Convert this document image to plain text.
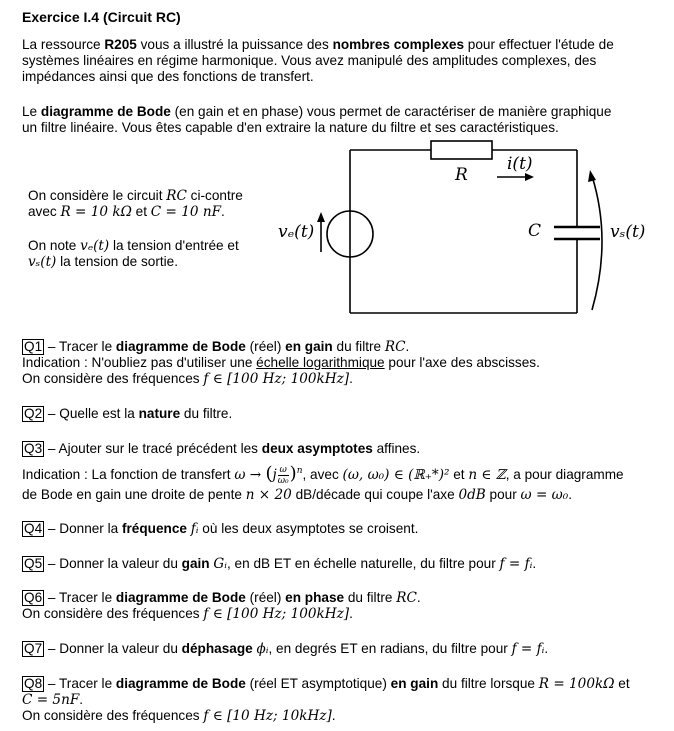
Exercice I.4 (Circuit RC)
La ressource R205 vous a illustré la puissance des nombres complexes pour effectuer l'étude de
systèmes linéaires en régime harmonique. Vous avez manipulé des amplitudes complexes, des
impédances ainsi que des fonctions de transfert.
Le diagramme de Bode (en gain et en phase) vous permet de caractériser de manière graphique
un filtre linéaire. Vous êtes capable d'en extraire la nature du filtre et ses caractéristiques.
On considère le circuit RC ci-contre
avec R = 10 kΩ et C = 10 nF.
On note vₑ(t) la tension d'entrée et
vₛ(t) la tension de sortie.
R
i(t)
C
vₑ(t)	vₛ(t)
Q1 – Tracer le diagramme de Bode (réel) en gain du filtre RC.
Indication : N'oubliez pas d'utiliser une échelle logarithmique pour l'axe des abscisses.
On considère des fréquences f ∈ [100 Hz; 100kHz].
Q2 – Quelle est la nature du filtre.
Q3 – Ajouter sur le tracé précédent les deux asymptotes affines.
Indication : La fonction de transfert $\omega \to (j \frac{\omega}{\text{ω₀}} )^n$, avec (ω, ω₀) ∈ (ℝ₊*)² et n ∈ ℤ, a pour diagramme
de Bode en gain une droite de pente n × 20 dB/décade qui coupe l'axe 0dB pour ω = ω₀.
Q4 – Donner la fréquence fᵢ où les deux asymptotes se croisent.
Q5 – Donner la valeur du gain Gᵢ, en dB ET en échelle naturelle, du filtre pour f = fᵢ.
Q6 – Tracer le diagramme de Bode (réel) en phase du filtre RC.
On considère des fréquences f ∈ [100 Hz; 100kHz].
Q7 – Donner la valeur du déphasage ϕᵢ, en degrés ET en radians, du filtre pour f = fᵢ.
Q8 – Tracer le diagramme de Bode (réel ET asymptotique) en gain du filtre lorsque R = 100kΩ et
C = 5nF.
On considère des fréquences f ∈ [10 Hz; 10kHz].
